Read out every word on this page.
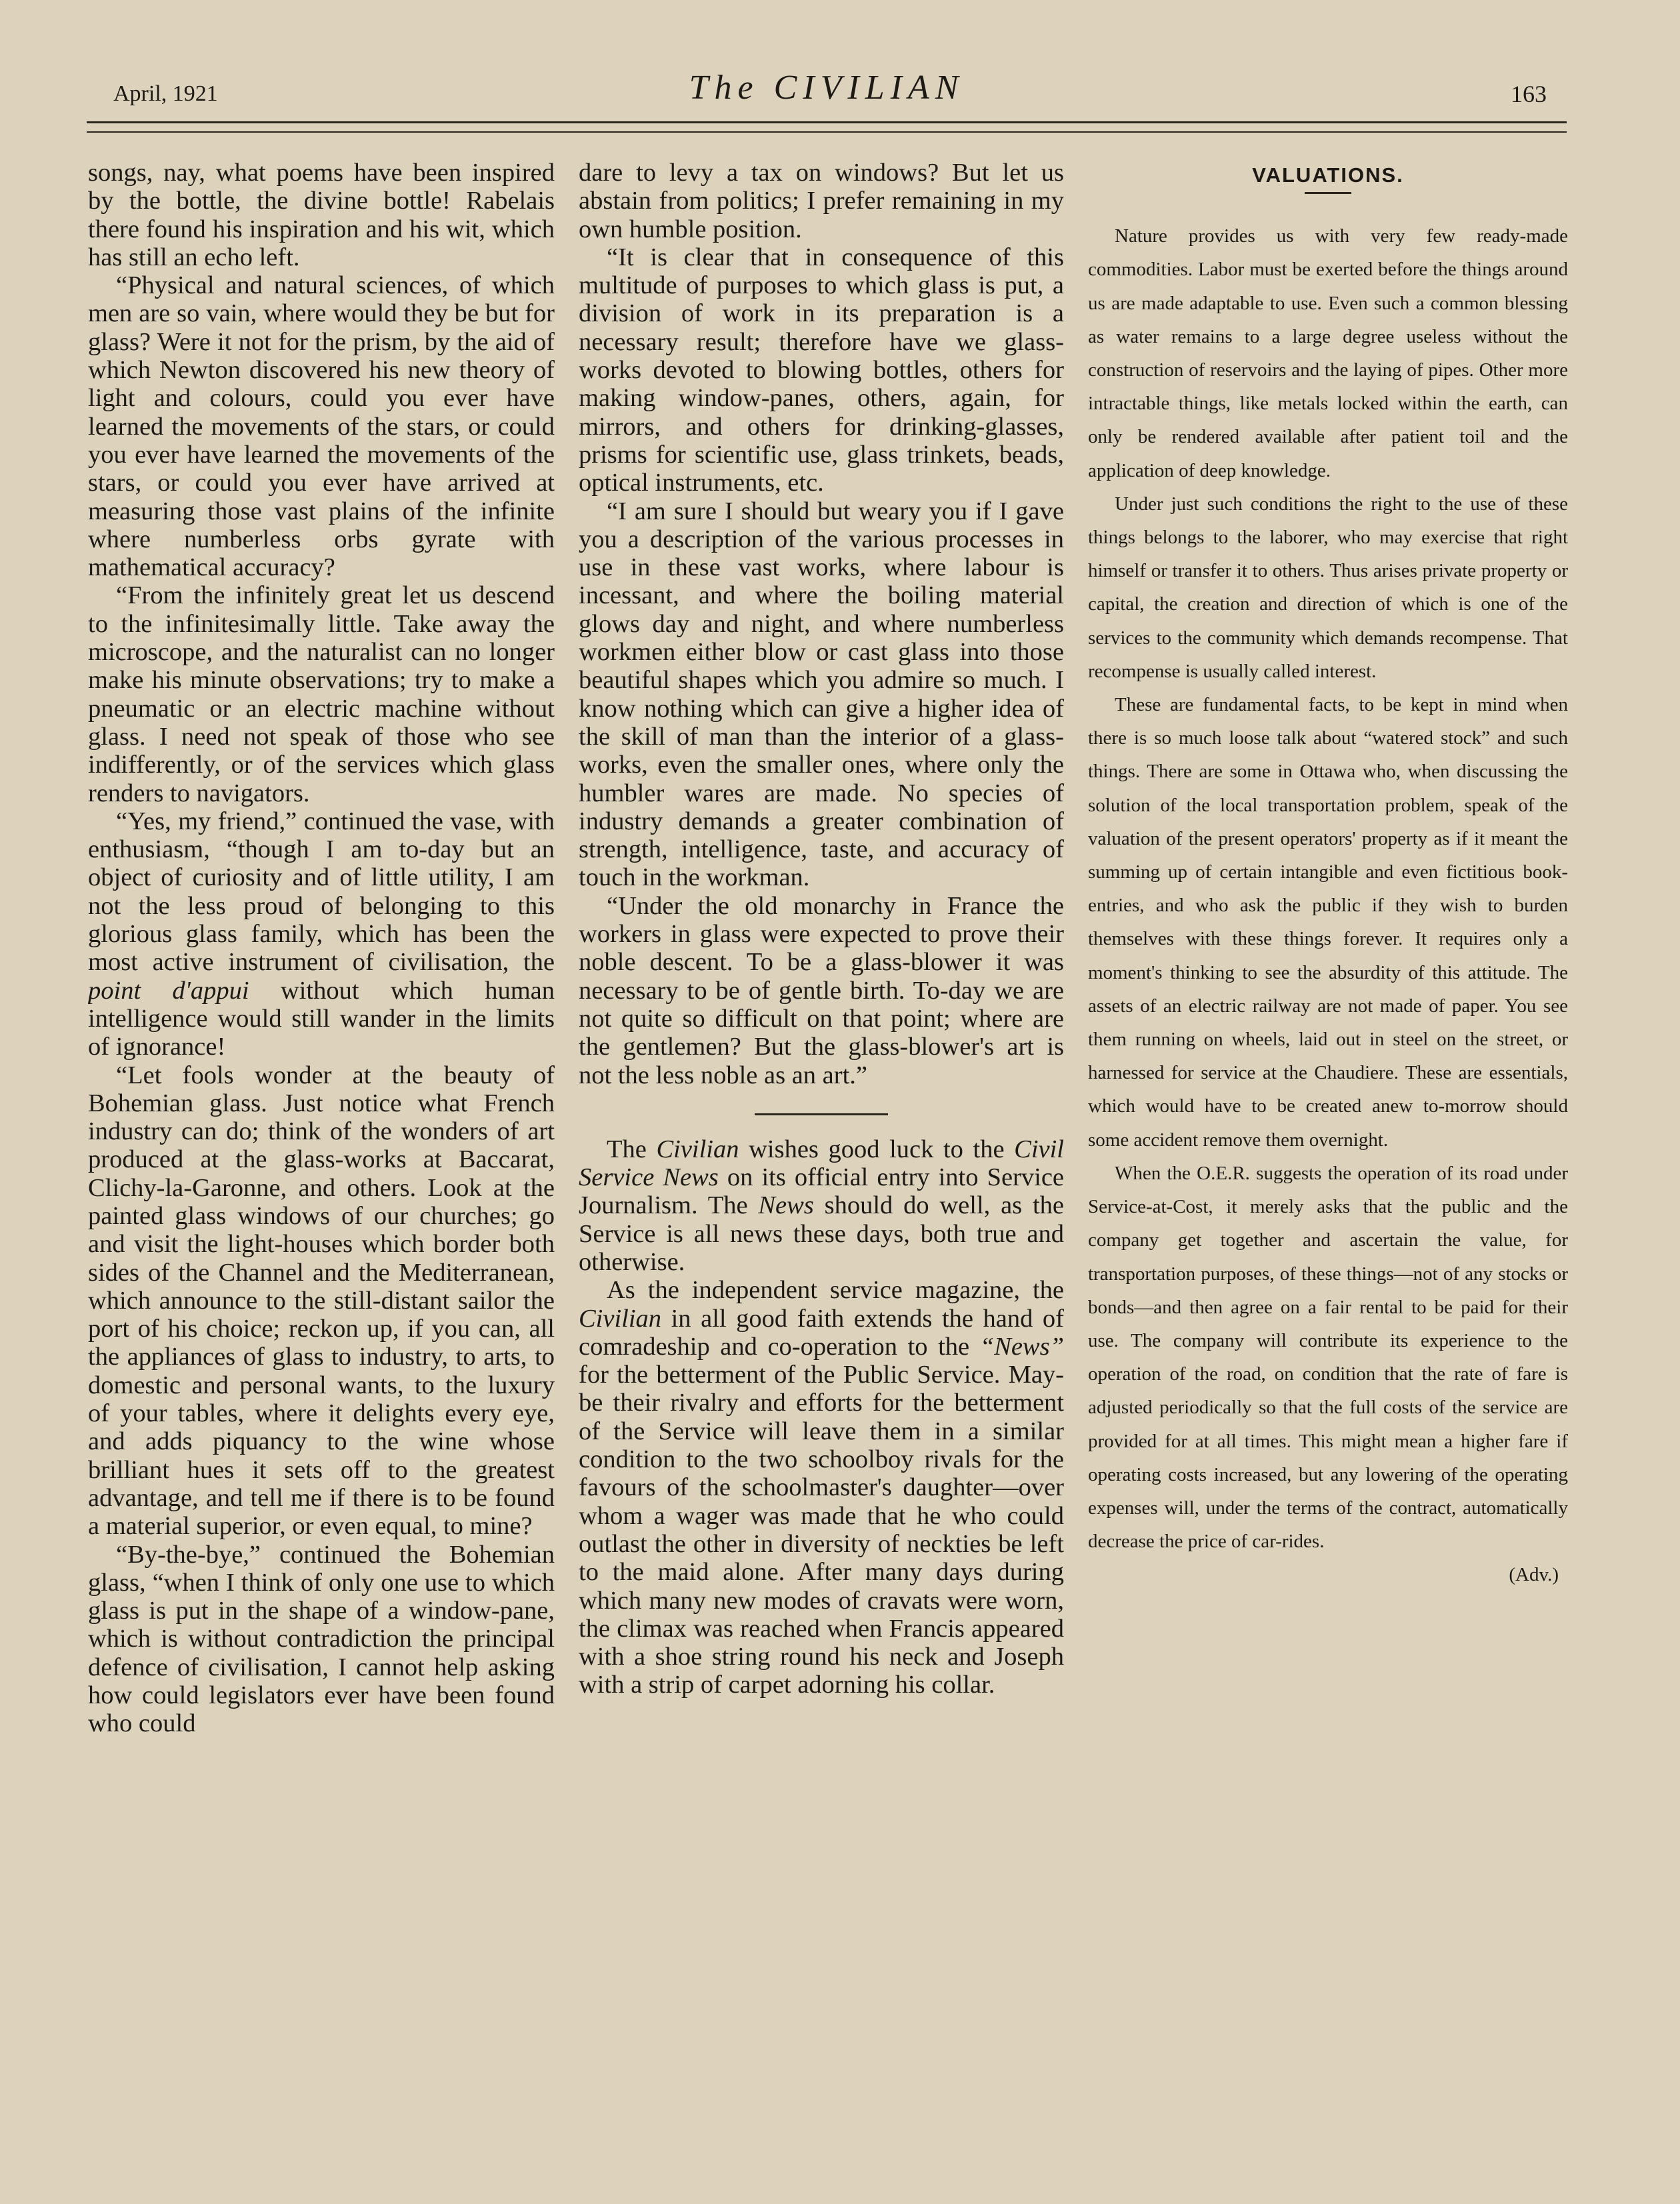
April, 1921	The CIVILIAN	163

songs, nay, what poems have been inspired by the bottle, the divine bottle! Rabelais there found his inspiration and his wit, which has still an echo left.

“Physical and natural sciences, of which men are so vain, where would they be but for glass? Were it not for the prism, by the aid of which Newton discovered his new theory of light and colours, could you ever have learned the movements of the stars, or could you ever have learned the movements of the stars, or could you ever have arrived at measuring those vast plains of the infinite where numberless orbs gyrate with mathematical accuracy?

“From the infinitely great let us descend to the infinitesimally little. Take away the microscope, and the naturalist can no longer make his minute observations; try to make a pneumatic or an electric machine without glass. I need not speak of those who see indifferently, or of the services which glass renders to navigators.

“Yes, my friend,” continued the vase, with enthusiasm, “though I am to-day but an object of curiosity and of little utility, I am not the less proud of belonging to this glorious glass family, which has been the most active instrument of civilisation, the point d'appui without which human intelligence would still wander in the limits of ignorance!

“Let fools wonder at the beauty of Bohemian glass. Just notice what French industry can do; think of the wonders of art produced at the glass-works at Baccarat, Clichy-la-Garonne, and others. Look at the painted glass windows of our churches; go and visit the light-houses which border both sides of the Channel and the Mediterranean, which announce to the still-distant sailor the port of his choice; reckon up, if you can, all the appliances of glass to industry, to arts, to domestic and personal wants, to the luxury of your tables, where it delights every eye, and adds piquancy to the wine whose brilliant hues it sets off to the greatest advantage, and tell me if there is to be found a material superior, or even equal, to mine?

“By-the-bye,” continued the Bohemian glass, “when I think of only one use to which glass is put in the shape of a window-pane, which is without contradiction the principal defence of civilisation, I cannot help asking how could legislators ever have been found who could

dare to levy a tax on windows? But let us abstain from politics; I prefer remaining in my own humble position.

“It is clear that in consequence of this multitude of purposes to which glass is put, a division of work in its preparation is a necessary result; therefore have we glass-works devoted to blowing bottles, others for making window-panes, others, again, for mirrors, and others for drinking-glasses, prisms for scientific use, glass trinkets, beads, optical instruments, etc.

“I am sure I should but weary you if I gave you a description of the various processes in use in these vast works, where labour is incessant, and where the boiling material glows day and night, and where numberless workmen either blow or cast glass into those beautiful shapes which you admire so much. I know nothing which can give a higher idea of the skill of man than the interior of a glass-works, even the smaller ones, where only the humbler wares are made. No species of industry demands a greater combination of strength, intelligence, taste, and accuracy of touch in the workman.

“Under the old monarchy in France the workers in glass were expected to prove their noble descent. To be a glass-blower it was necessary to be of gentle birth. To-day we are not quite so difficult on that point; where are the gentlemen? But the glass-blower's art is not the less noble as an art.”

The Civilian wishes good luck to the Civil Service News on its official entry into Service Journalism. The News should do well, as the Service is all news these days, both true and otherwise.

As the independent service magazine, the Civilian in all good faith extends the hand of comradeship and co-operation to the “News” for the betterment of the Public Service. May-be their rivalry and efforts for the betterment of the Service will leave them in a similar condition to the two schoolboy rivals for the favours of the schoolmaster's daughter—over whom a wager was made that he who could outlast the other in diversity of neckties be left to the maid alone. After many days during which many new modes of cravats were worn, the climax was reached when Francis appeared with a shoe string round his neck and Joseph with a strip of carpet adorning his collar.

VALUATIONS.

Nature provides us with very few ready-made commodities. Labor must be exerted before the things around us are made adaptable to use. Even such a common blessing as water remains to a large degree useless without the construction of reservoirs and the laying of pipes. Other more intractable things, like metals locked within the earth, can only be rendered available after patient toil and the application of deep knowledge.

Under just such conditions the right to the use of these things belongs to the laborer, who may exercise that right himself or transfer it to others. Thus arises private property or capital, the creation and direction of which is one of the services to the community which demands recompense. That recompense is usually called interest.

These are fundamental facts, to be kept in mind when there is so much loose talk about “watered stock” and such things. There are some in Ottawa who, when discussing the solution of the local transportation problem, speak of the valuation of the present operators' property as if it meant the summing up of certain intangible and even fictitious book-entries, and who ask the public if they wish to burden themselves with these things forever. It requires only a moment's thinking to see the absurdity of this attitude. The assets of an electric railway are not made of paper. You see them running on wheels, laid out in steel on the street, or harnessed for service at the Chaudiere. These are essentials, which would have to be created anew to-morrow should some accident remove them overnight.

When the O.E.R. suggests the operation of its road under Service-at-Cost, it merely asks that the public and the company get together and ascertain the value, for transportation purposes, of these things—not of any stocks or bonds—and then agree on a fair rental to be paid for their use. The company will contribute its experience to the operation of the road, on condition that the rate of fare is adjusted periodically so that the full costs of the service are provided for at all times. This might mean a higher fare if operating costs increased, but any lowering of the operating expenses will, under the terms of the contract, automatically decrease the price of car-rides.

(Adv.)
